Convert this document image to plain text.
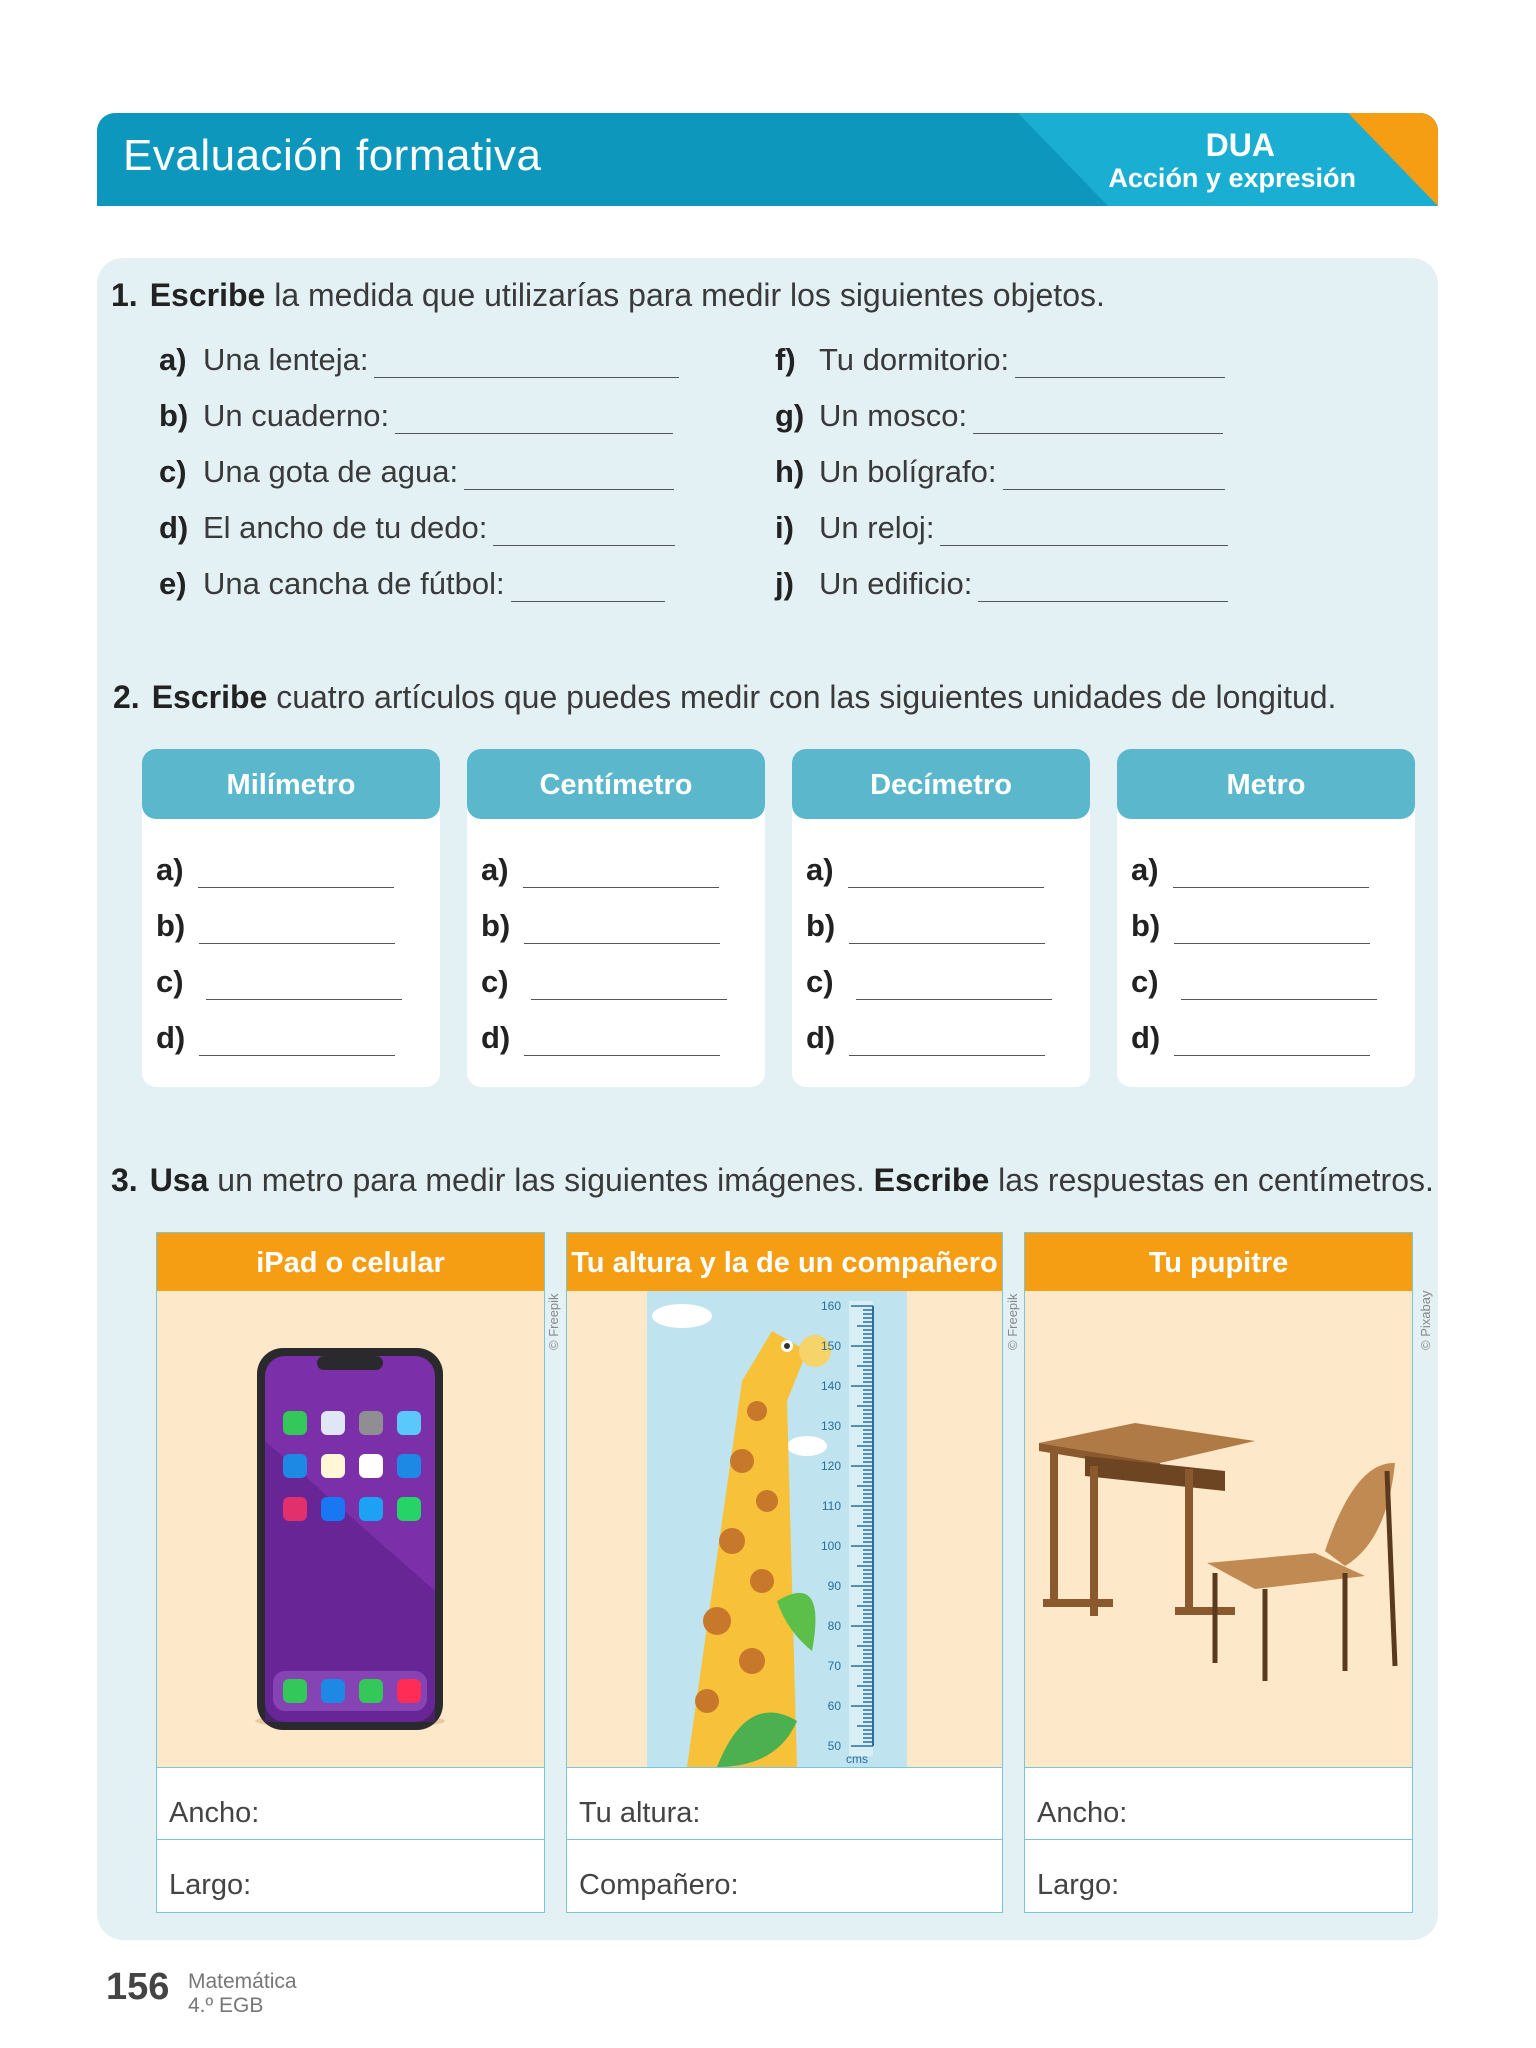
Evaluación formativa	DUA
Acción y expresión
1. Escribe la medida que utilizarías para medir los siguientes objetos.
a) Una lenteja:
b) Un cuaderno:
c) Una gota de agua:
d) El ancho de tu dedo:
e) Una cancha de fútbol:
f) Tu dormitorio:
g) Un mosco:
h) Un bolígrafo:
i) Un reloj:
j) Un edificio:
2. Escribe cuatro artículos que puedes medir con las siguientes unidades de longitud.
Milímetro
a)
b)
c)
d)
Centímetro
a)
b)
c)
d)
Decímetro
a)
b)
c)
d)
Metro
a)
b)
c)
d)
3. Usa un metro para medir las siguientes imágenes. Escribe las respuestas en centímetros.
iPad o celular
Ancho:
Largo:
© Freepik
Tu altura y la de un compañero
160
150
140
130
120
110
100
90
80
70
60
50
cms
Tu altura:
Compañero:
© Freepik
Tu pupitre
Ancho:
Largo:
© Pixabay
156 Matemática
4.º EGB
